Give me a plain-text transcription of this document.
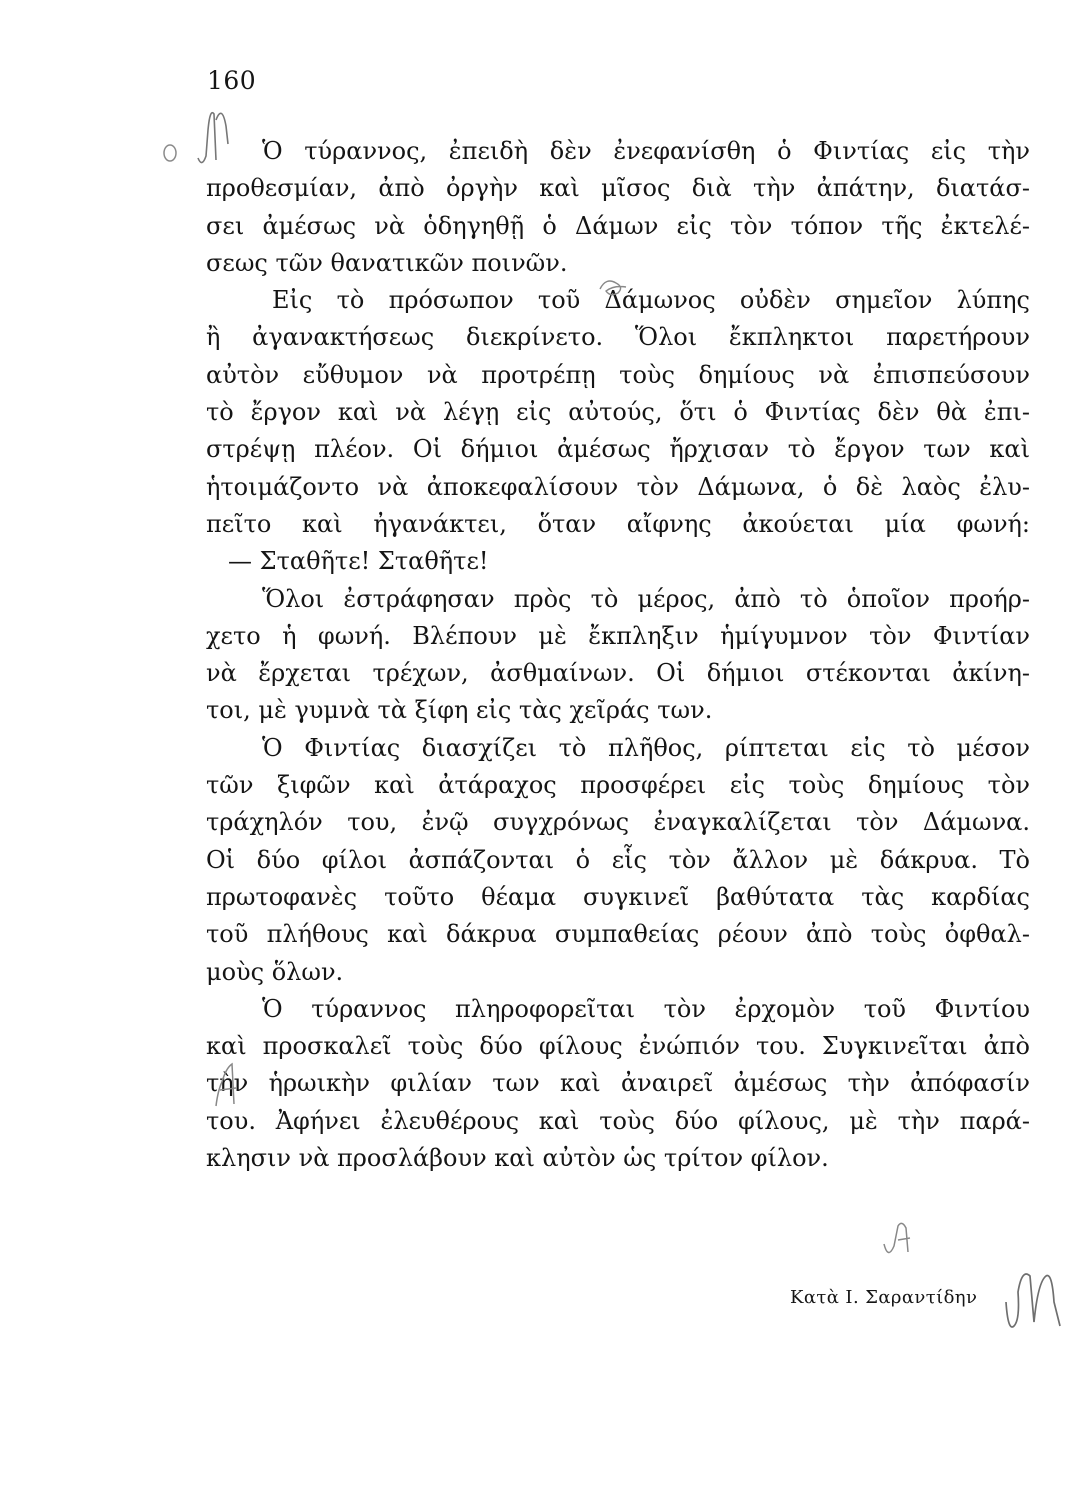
160
Ὁ τύραννος, ἐπειδὴ δὲν ἐνεφανίσθη ὁ Φιντίας εἰς τὴν
προθεσμίαν, ἀπὸ ὀργὴν καὶ μῖσος διὰ τὴν ἀπάτην, διατάσ-
σει ἀμέσως νὰ ὁδηγηθῇ ὁ Δάμων εἰς τὸν τόπον τῆς ἐκτελέ-
σεως τῶν θανατικῶν ποινῶν.
Εἰς τὸ πρόσωπον τοῦ Δάμωνος οὐδὲν σημεῖον λύπης
ἢ ἀγανακτήσεως διεκρίνετο. Ὅλοι ἔκπληκτοι παρετήρουν
αὐτὸν εὔθυμον νὰ προτρέπῃ τοὺς δημίους νὰ ἐπισπεύσουν
τὸ ἔργον καὶ νὰ λέγῃ εἰς αὐτούς, ὅτι ὁ Φιντίας δὲν θὰ ἐπι-
στρέψῃ πλέον. Οἱ δήμιοι ἀμέσως ἤρχισαν τὸ ἔργον των καὶ
ἡτοιμάζοντο νὰ ἀποκεφαλίσουν τὸν Δάμωνα, ὁ δὲ λαὸς ἐλυ-
πεῖτο καὶ ἠγανάκτει, ὅταν αἴφνης ἀκούεται μία φωνή:
— Σταθῆτε! Σταθῆτε!
Ὅλοι ἐστράφησαν πρὸς τὸ μέρος, ἀπὸ τὸ ὁποῖον προήρ-
χετο ἡ φωνή. Βλέπουν μὲ ἔκπληξιν ἡμίγυμνον τὸν Φιντίαν
νὰ ἔρχεται τρέχων, ἀσθμαίνων. Οἱ δήμιοι στέκονται ἀκίνη-
τοι, μὲ γυμνὰ τὰ ξίφη εἰς τὰς χεῖράς των.
Ὁ Φιντίας διασχίζει τὸ πλῆθος, ρίπτεται εἰς τὸ μέσον
τῶν ξιφῶν καὶ ἀτάραχος προσφέρει εἰς τοὺς δημίους τὸν
τράχηλόν του, ἐνῷ συγχρόνως ἐναγκαλίζεται τὸν Δάμωνα.
Οἱ δύο φίλοι ἀσπάζονται ὁ εἷς τὸν ἄλλον μὲ δάκρυα. Τὸ
πρωτοφανὲς τοῦτο θέαμα συγκινεῖ βαθύτατα τὰς καρδίας
τοῦ πλήθους καὶ δάκρυα συμπαθείας ρέουν ἀπὸ τοὺς ὀφθαλ-
μοὺς ὅλων.
Ὁ τύραννος πληροφορεῖται τὸν ἐρχομὸν τοῦ Φιντίου
καὶ προσκαλεῖ τοὺς δύο φίλους ἐνώπιόν του. Συγκινεῖται ἀπὸ
τὴν ἡρωικὴν φιλίαν των καὶ ἀναιρεῖ ἀμέσως τὴν ἀπόφασίν
του. Ἀφήνει ἐλευθέρους καὶ τοὺς δύο φίλους, μὲ τὴν παρά-
κλησιν νὰ προσλάβουν καὶ αὐτὸν ὡς τρίτον φίλον.
Κατὰ Ι. Σαραντίδην
